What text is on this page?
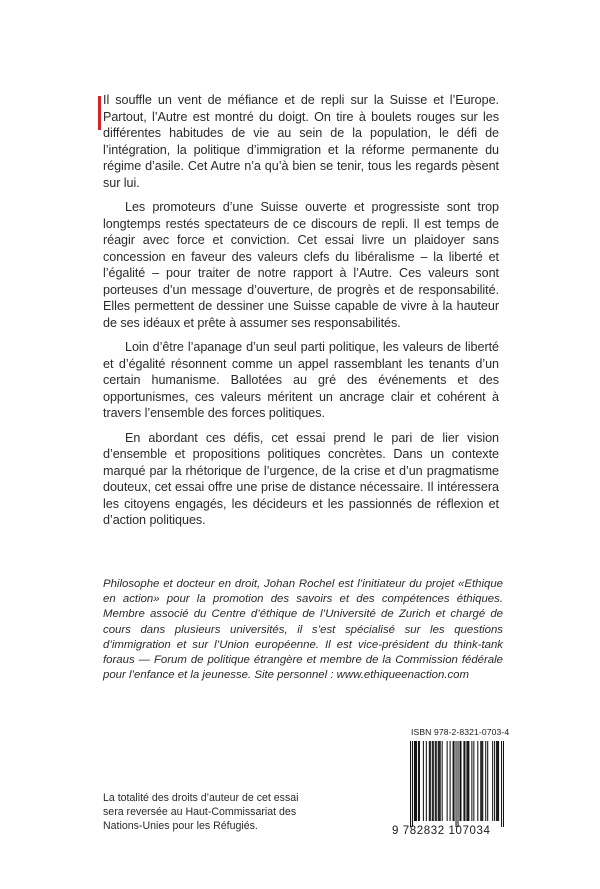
Il souffle un vent de méfiance et de repli sur la Suisse et l’Europe. Partout, l’Autre est montré du doigt. On tire à boulets rouges sur les différentes habitudes de vie au sein de la population, le défi de l’intégration, la politique d’immigration et la réforme permanente du régime d’asile. Cet Autre n’a qu’à bien se tenir, tous les regards pèsent sur lui.

Les promoteurs d’une Suisse ouverte et progressiste sont trop longtemps restés spectateurs de ce discours de repli. Il est temps de réagir avec force et conviction. Cet essai livre un plaidoyer sans concession en faveur des valeurs clefs du libéralisme – la liberté et l’égalité – pour traiter de notre rapport à l’Autre. Ces valeurs sont porteuses d’un message d’ouverture, de progrès et de responsabilité. Elles permettent de dessiner une Suisse capable de vivre à la hauteur de ses idéaux et prête à assumer ses responsabilités.

Loin d’être l’apanage d’un seul parti politique, les valeurs de liberté et d’égalité résonnent comme un appel rassemblant les tenants d’un certain humanisme. Ballotées au gré des événements et des opportunismes, ces valeurs méritent un ancrage clair et cohérent à travers l’ensemble des forces politiques.

En abordant ces défis, cet essai prend le pari de lier vision d’ensemble et propositions politiques concrètes. Dans un contexte marqué par la rhétorique de l’urgence, de la crise et d’un pragmatisme douteux, cet essai offre une prise de distance nécessaire. Il intéressera les citoyens engagés, les décideurs et les passionnés de réflexion et d’action politiques.

Philosophe et docteur en droit, Johan Rochel est l’initiateur du projet «Ethique en action» pour la promotion des savoirs et des compétences éthiques. Membre associé du Centre d’éthique de l’Université de Zurich et chargé de cours dans plusieurs universités, il s’est spécialisé sur les questions d’immigration et sur l’Union européenne. Il est vice-président du think-tank foraus — Forum de politique étrangère et membre de la Commission fédérale pour l’enfance et la jeunesse. Site personnel : www.ethiqueenaction.com

La totalité des droits d’auteur de cet essai sera reversée au Haut-Commissariat des Nations-Unies pour les Réfugiés.

ISBN 978-2-8321-0703-4
9 782832 107034
